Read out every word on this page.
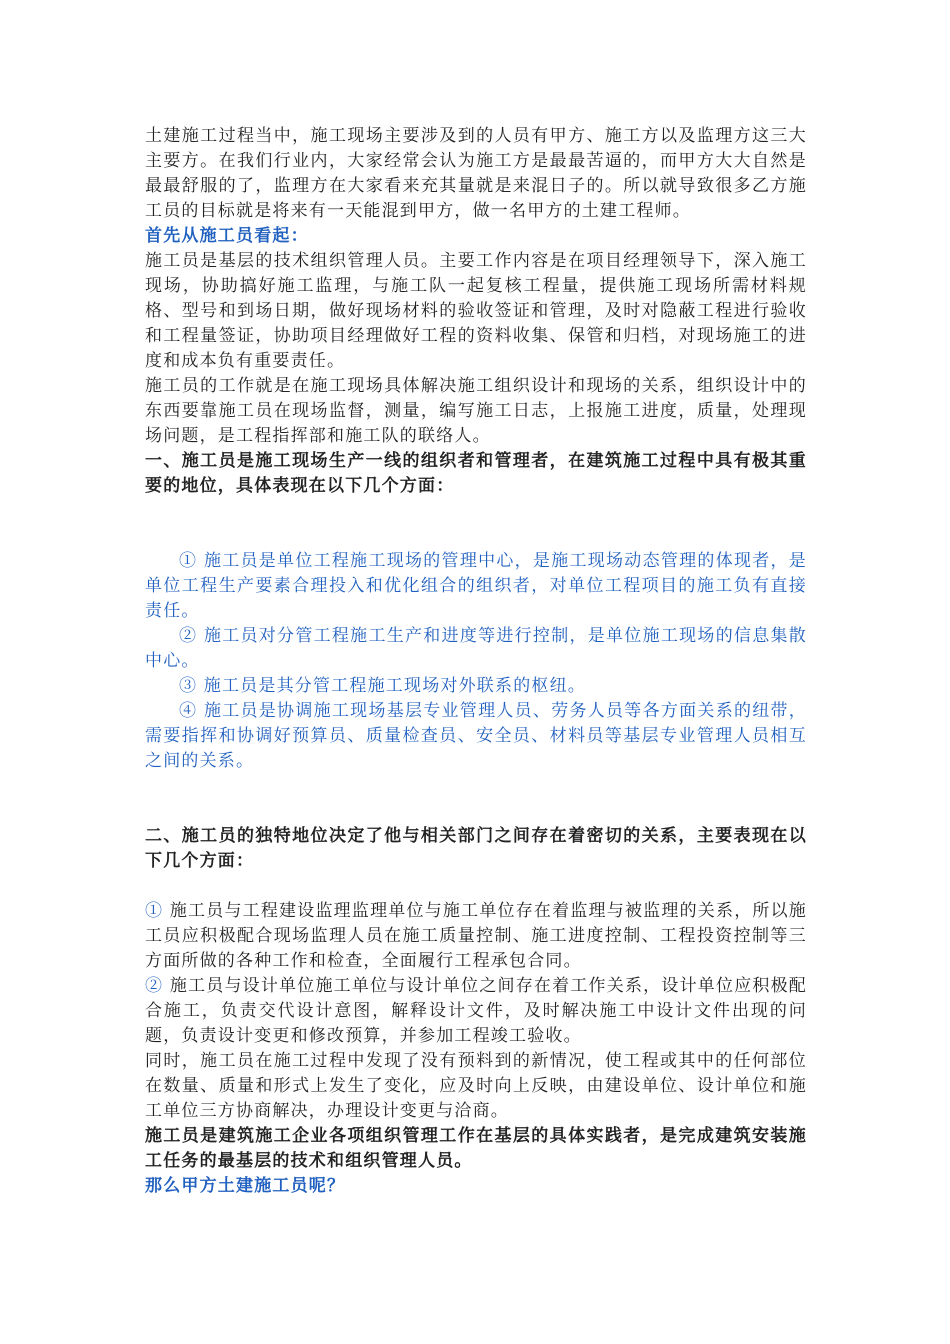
土建施工过程当中，施工现场主要涉及到的人员有甲方、施工方以及监理方这三大主要方。在我们行业内，大家经常会认为施工方是最最苦逼的，而甲方大大自然是最最舒服的了，监理方在大家看来充其量就是来混日子的。所以就导致很多乙方施工员的目标就是将来有一天能混到甲方，做一名甲方的土建工程师。

首先从施工员看起：

施工员是基层的技术组织管理人员。主要工作内容是在项目经理领导下，深入施工现场，协助搞好施工监理，与施工队一起复核工程量，提供施工现场所需材料规格、型号和到场日期，做好现场材料的验收签证和管理，及时对隐蔽工程进行验收和工程量签证，协助项目经理做好工程的资料收集、保管和归档，对现场施工的进度和成本负有重要责任。

施工员的工作就是在施工现场具体解决施工组织设计和现场的关系，组织设计中的东西要靠施工员在现场监督，测量，编写施工日志，上报施工进度，质量，处理现场问题，是工程指挥部和施工队的联络人。

一、施工员是施工现场生产一线的组织者和管理者，在建筑施工过程中具有极其重要的地位，具体表现在以下几个方面：

① 施工员是单位工程施工现场的管理中心，是施工现场动态管理的体现者，是单位工程生产要素合理投入和优化组合的组织者，对单位工程项目的施工负有直接责任。

② 施工员对分管工程施工生产和进度等进行控制，是单位施工现场的信息集散中心。

③ 施工员是其分管工程施工现场对外联系的枢纽。

④ 施工员是协调施工现场基层专业管理人员、劳务人员等各方面关系的纽带，需要指挥和协调好预算员、质量检查员、安全员、材料员等基层专业管理人员相互之间的关系。

二、施工员的独特地位决定了他与相关部门之间存在着密切的关系，主要表现在以下几个方面：

① 施工员与工程建设监理监理单位与施工单位存在着监理与被监理的关系，所以施工员应积极配合现场监理人员在施工质量控制、施工进度控制、工程投资控制等三方面所做的各种工作和检查，全面履行工程承包合同。

② 施工员与设计单位施工单位与设计单位之间存在着工作关系，设计单位应积极配合施工，负责交代设计意图，解释设计文件，及时解决施工中设计文件出现的问题，负责设计变更和修改预算，并参加工程竣工验收。

同时，施工员在施工过程中发现了没有预料到的新情况，使工程或其中的任何部位在数量、质量和形式上发生了变化，应及时向上反映，由建设单位、设计单位和施工单位三方协商解决，办理设计变更与洽商。

施工员是建筑施工企业各项组织管理工作在基层的具体实践者，是完成建筑安装施工任务的最基层的技术和组织管理人员。

那么甲方土建施工员呢？
